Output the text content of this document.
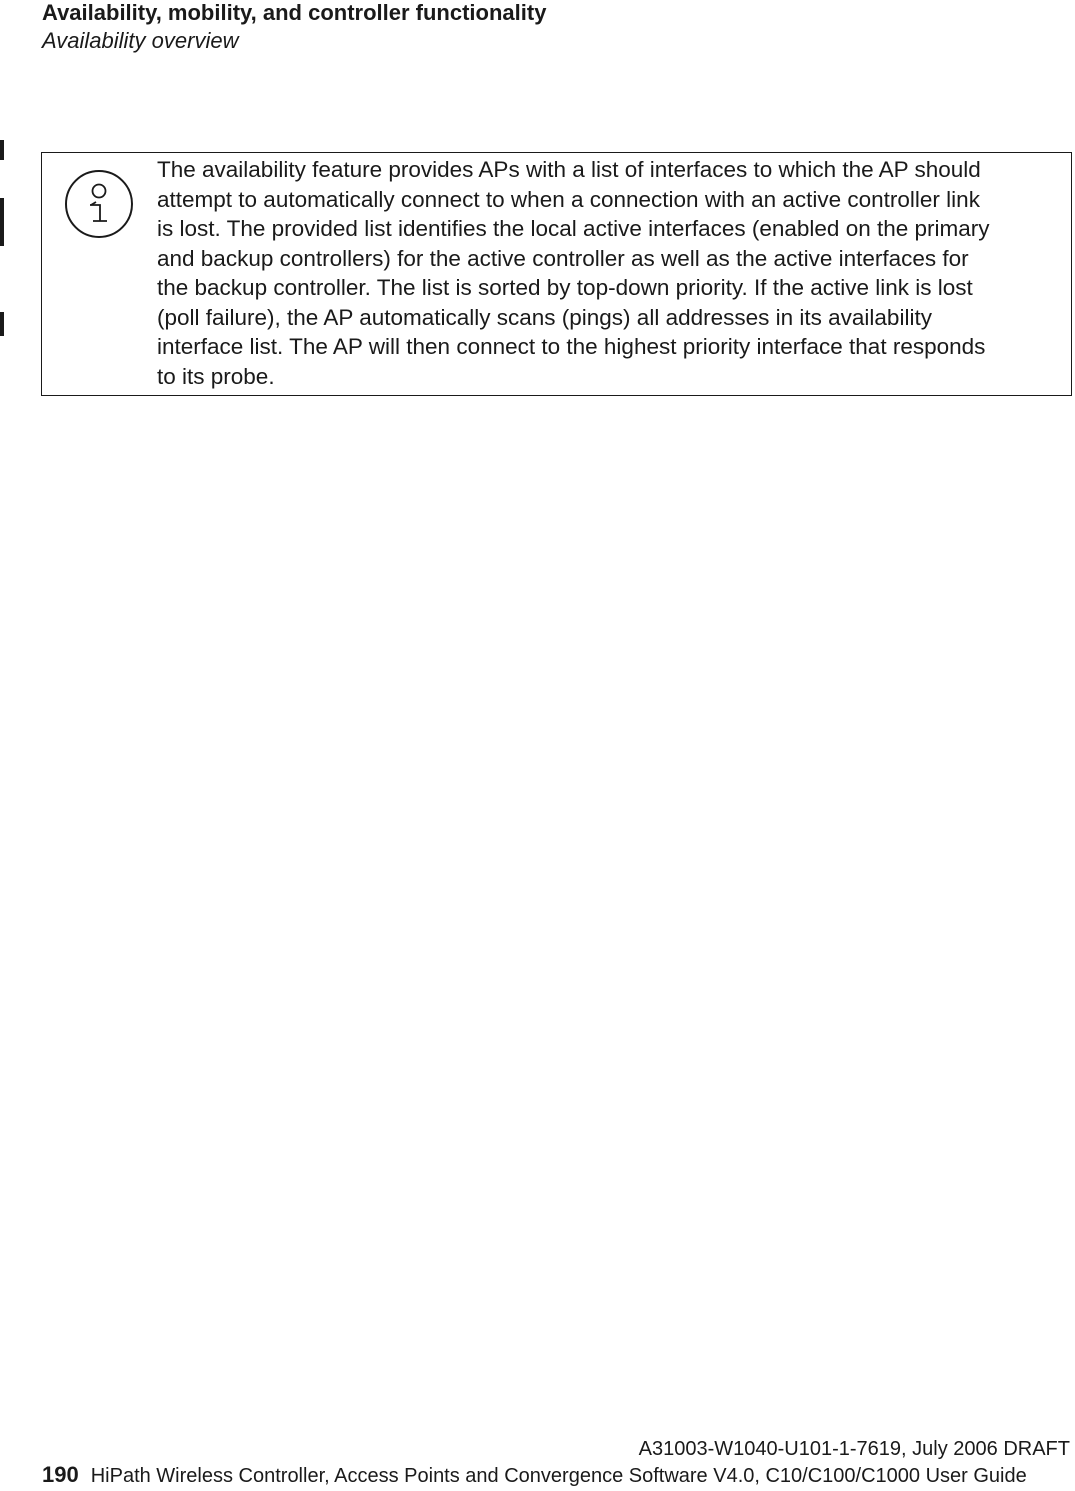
Availability, mobility, and controller functionality

Availability overview

The availability feature provides APs with a list of interfaces to which the AP should
attempt to automatically connect to when a connection with an active controller link
is lost. The provided list identifies the local active interfaces (enabled on the primary
and backup controllers) for the active controller as well as the active interfaces for
the backup controller. The list is sorted by top-down priority. If the active link is lost
(poll failure), the AP automatically scans (pings) all addresses in its availability
interface list. The AP will then connect to the highest priority interface that responds
to its probe.

A31003-W1040-U101-1-7619, July 2006 DRAFT
190 HiPath Wireless Controller, Access Points and Convergence Software V4.0, C10/C100/C1000 User Guide
